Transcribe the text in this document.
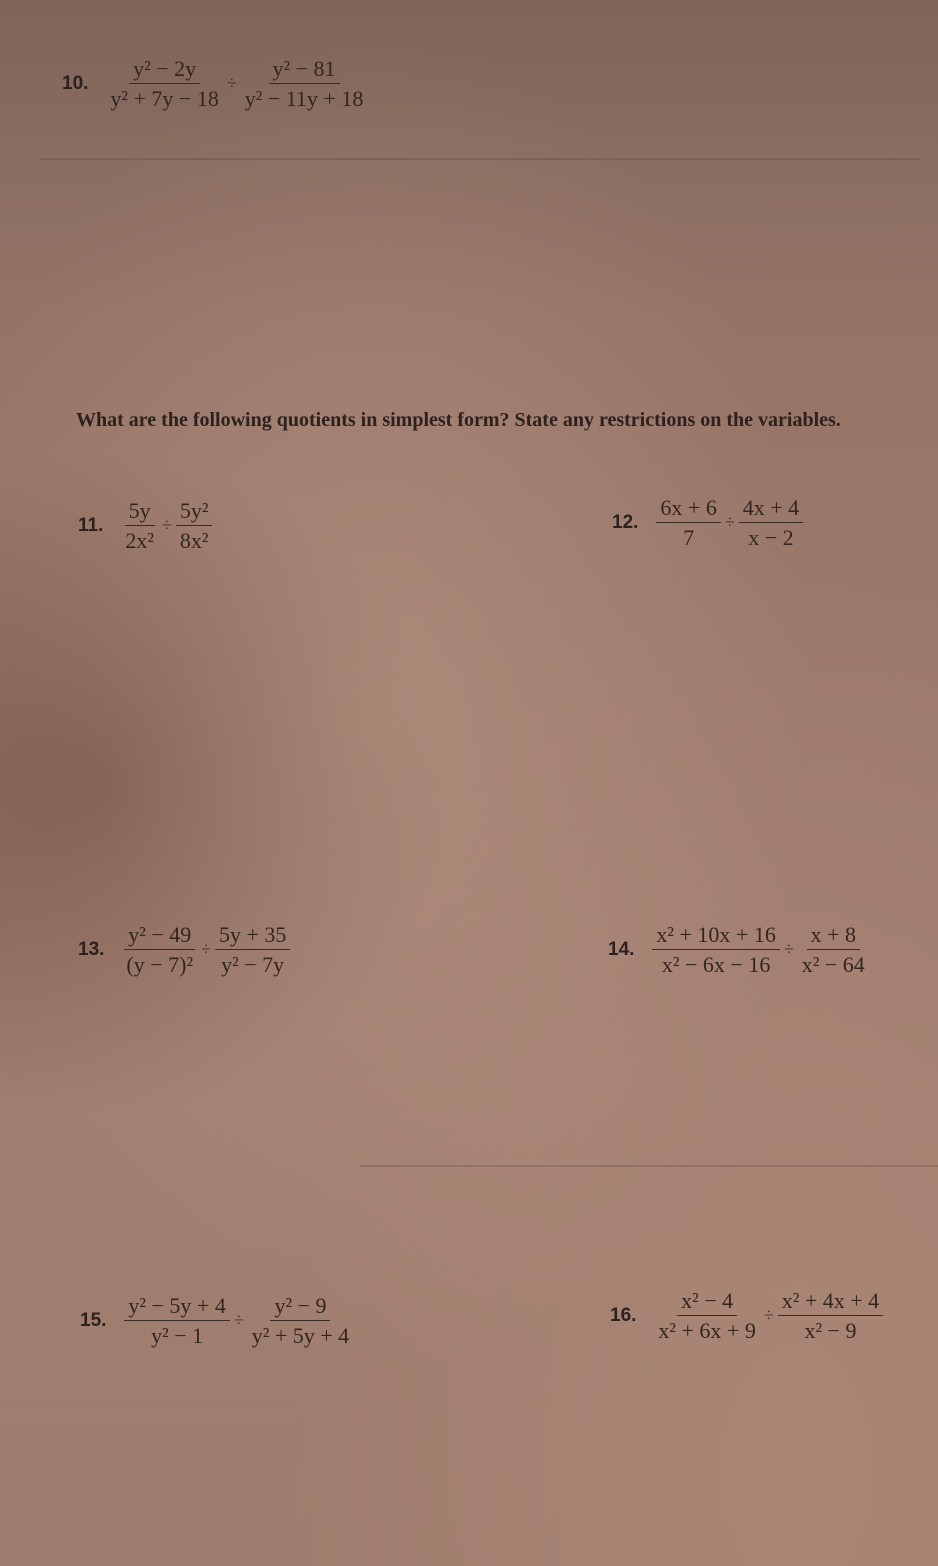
10. $\frac{\text{y² − 2y}}{\text{y² + 7y − 18}} \div \frac{\text{y² − 81}}{\text{y² − 11y + 18}}$
What are the following quotients in simplest form? State any restrictions on the variables.
11. $\frac{5y}{\text{2x²}} \div \frac{\text{5y²}}{\text{8x²}}$	12. $\frac{6x + 6}{7} \div \frac{4x + 4}{x - 2}$
13. $\frac{\text{y² − 49}}{\text{(y − 7)²}} \div \frac{5y + 35}{\text{y² − 7y}}$	14. $\frac{\text{x² + 10x + 16}}{\text{x² − 6x − 16}} \div \frac{x + 8}{\text{x² − 64}}$
15. $\frac{\text{y² − 5y + 4}}{\text{y² − 1}} \div \frac{\text{y² − 9}}{\text{y² + 5y + 4}}$	16. $\frac{\text{x² − 4}}{\text{x² + 6x + 9}} \div \frac{\text{x² + 4x + 4}}{\text{x² − 9}}$
